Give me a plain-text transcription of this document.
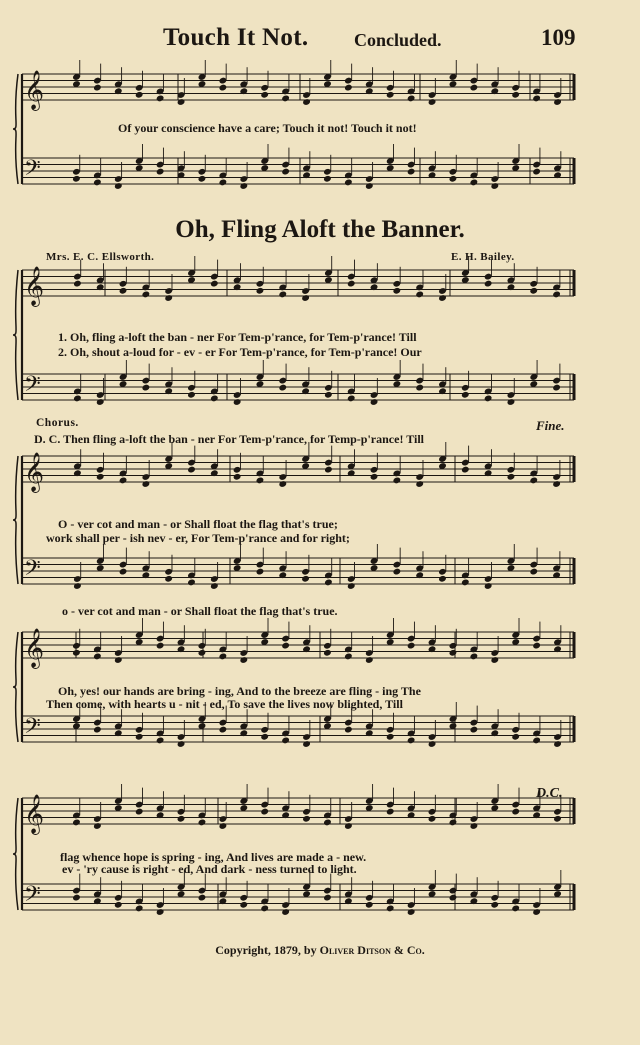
𝄞
𝄢
𝄞
𝄢
𝄞
𝄢
𝄞
𝄢
𝄞
𝄢
Touch It Not.	Concluded.	109
Of your conscience have a care; Touch it not! Touch it not!
Oh, Fling Aloft the Banner.
Mrs. E. C. Ellsworth.	E. H. Bailey.
1. Oh, fling a-loft the ban - ner For Tem-p'rance, for Tem-p'rance! Till
2. Oh, shout a-loud for - ev - er For Tem-p'rance, for Tem-p'rance! Our
Chorus.
D. C. Then fling a-loft the ban - ner For Tem-p'rance, for Temp-p'rance! Till
Fine.
O - ver cot and man - or Shall float the flag that's true;
work shall per - ish nev - er, For Tem-p'rance and for right;
o - ver cot and man - or Shall float the flag that's true.
Oh, yes! our hands are bring - ing, And to the breeze are fling - ing The
Then come, with hearts u - nit - ed, To save the lives now blighted, Till
D.C.
flag whence hope is spring - ing, And lives are made a - new.
ev - 'ry cause is right - ed, And dark - ness turned to light.
Copyright, 1879, by Oliver Ditson & Co.
